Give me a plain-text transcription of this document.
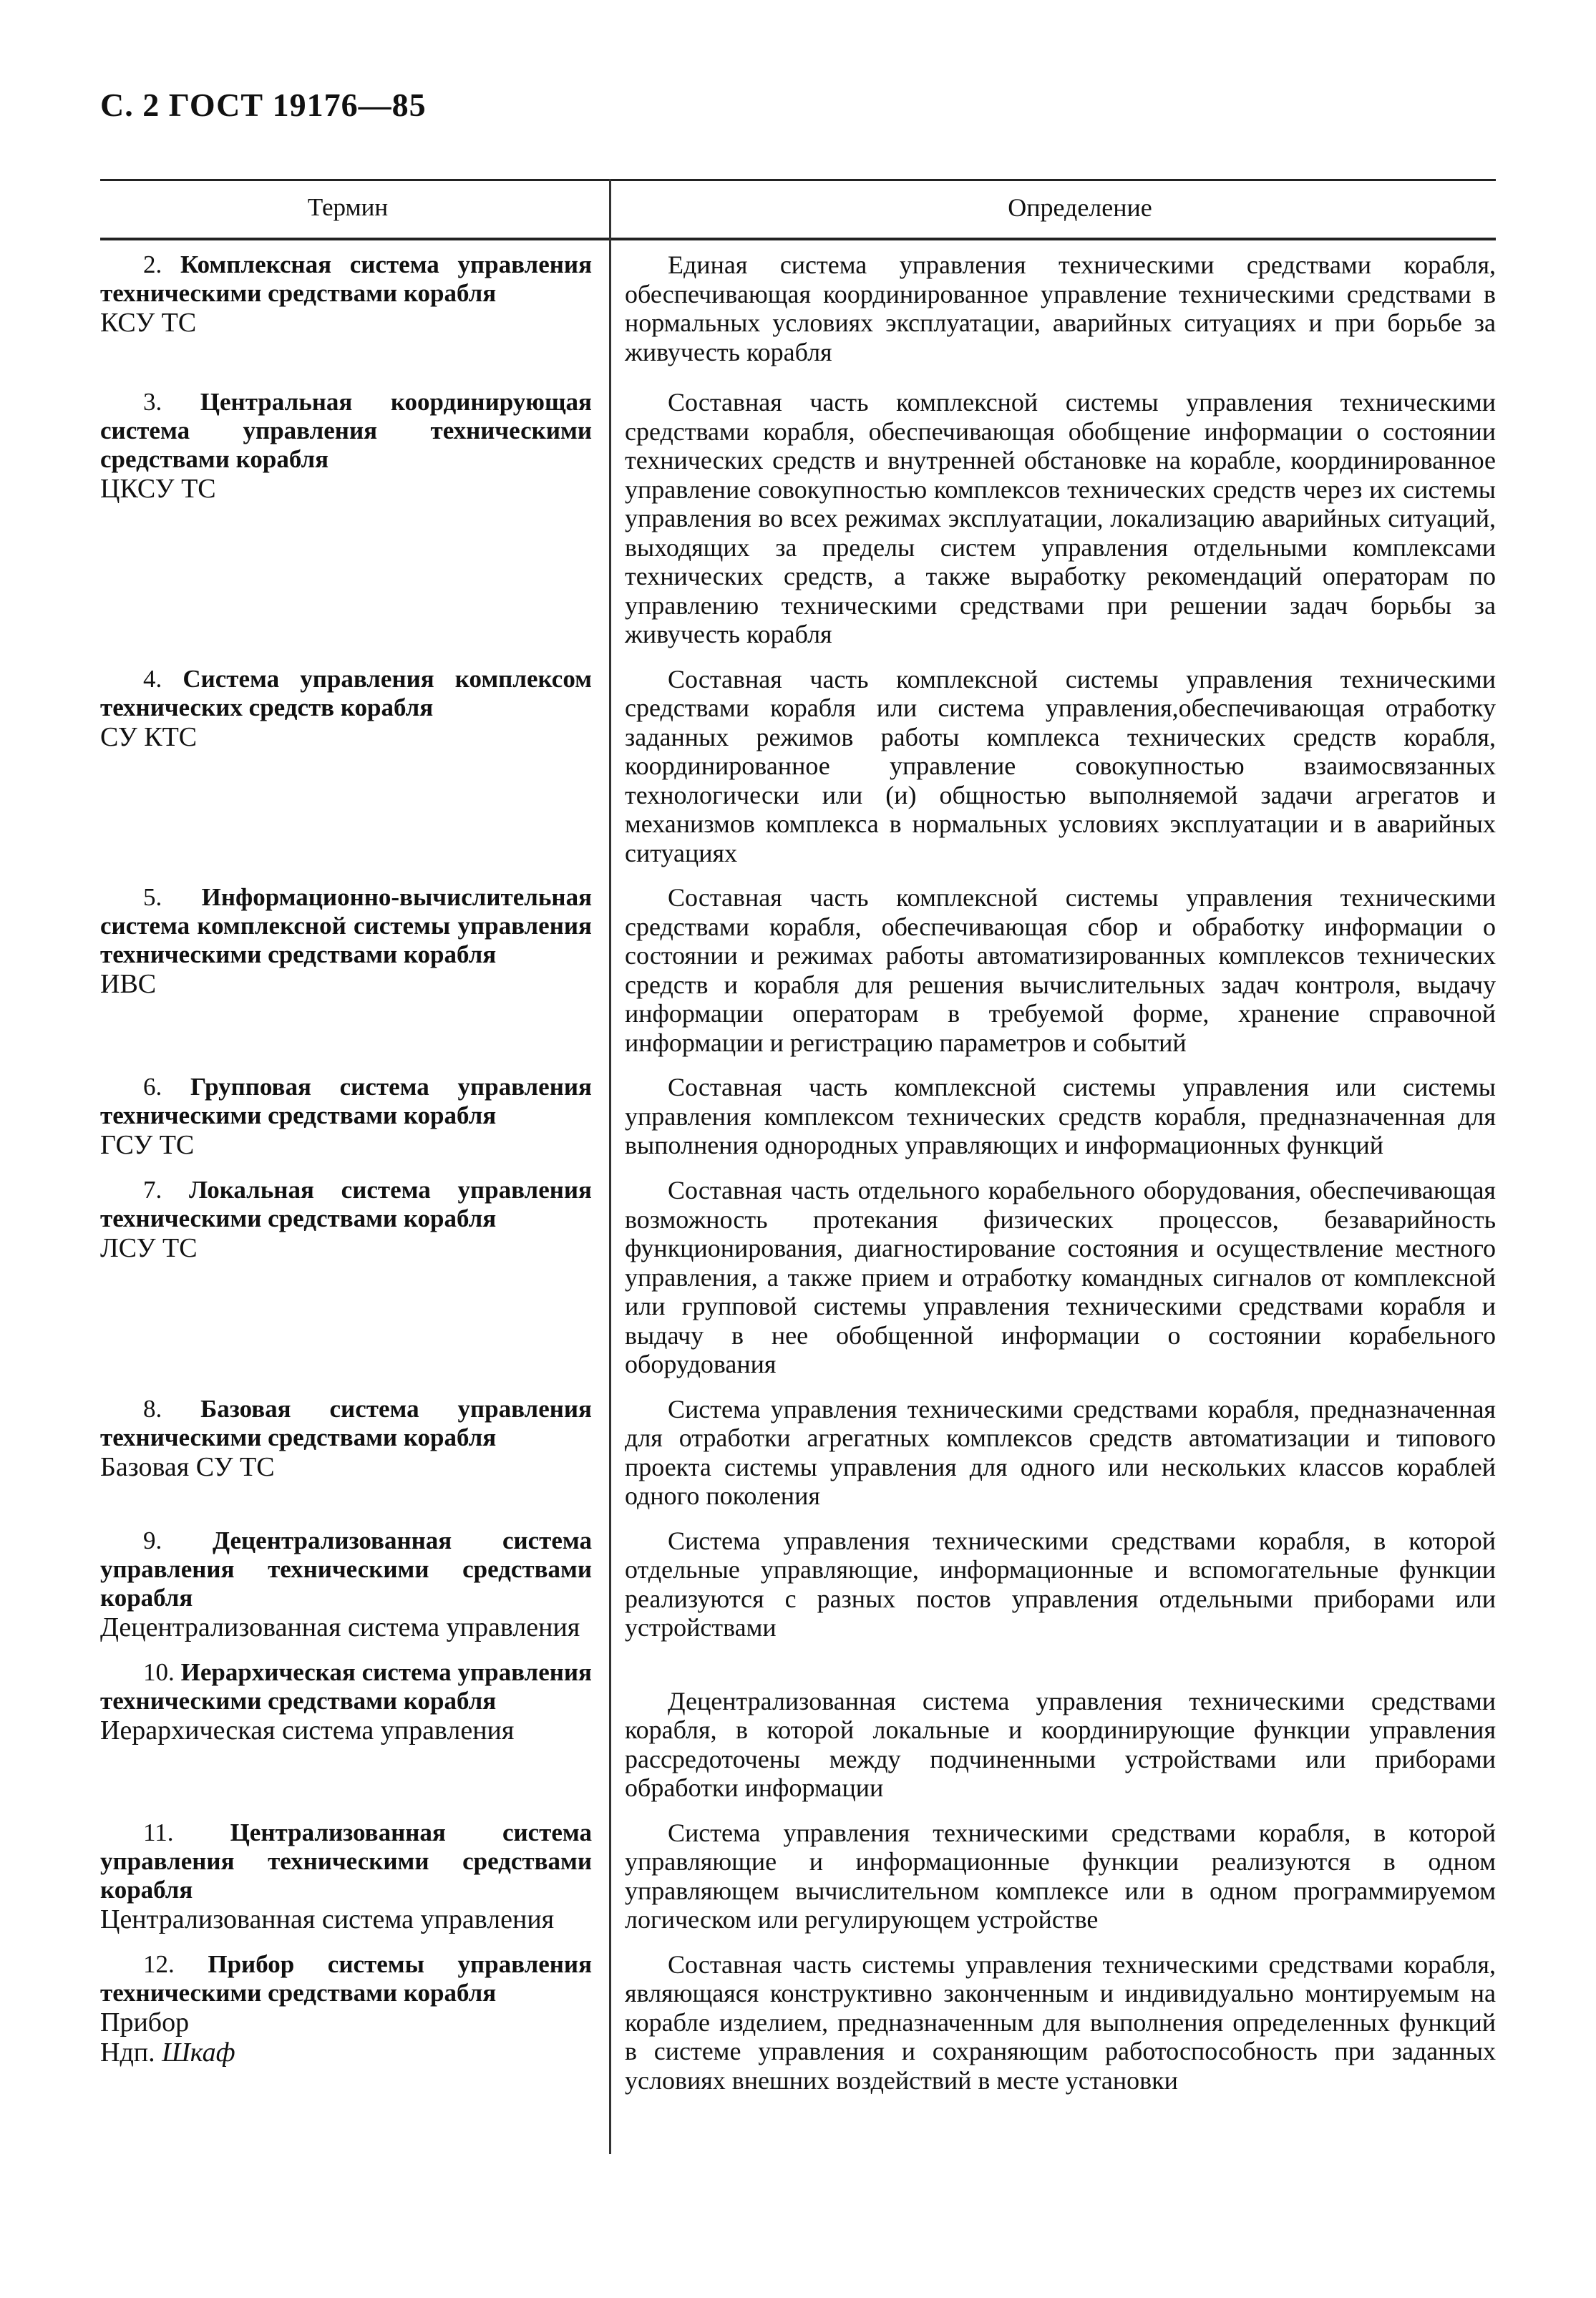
С. 2 ГОСТ 19176—85
Термин	Определение
2. Комплексная система управления техническими средствами корабля
КСУ ТС
Единая система управления техническими средствами корабля, обеспечивающая координированное управление техническими средствами в нормальных условиях эксплуатации, аварийных ситуациях и при борьбе за живучесть корабля
3. Центральная координирующая система управления техническими средствами корабля
ЦКСУ ТС
Составная часть комплексной системы управления техническими средствами корабля, обеспечивающая обобщение информации о состоянии технических средств и внутренней обстановке на корабле, координированное управление совокупностью комплексов технических средств через их системы управления во всех режимах эксплуатации, локализацию аварийных ситуаций, выходящих за пределы систем управления отдельными комплексами технических средств, а также выработку рекомендаций операторам по управлению техническими средствами при решении задач борьбы за живучесть корабля
4. Система управления комплексом технических средств корабля
СУ КТС
Составная часть комплексной системы управления техническими средствами корабля или система управления,обеспечивающая отработку заданных режимов работы комплекса технических средств корабля, координированное управление совокупностью взаимосвязанных технологически или (и) общностью выполняемой задачи агрегатов и механизмов комплекса в нормальных условиях эксплуатации и в аварийных ситуациях
5. Информационно-вычислительная система комплексной системы управления техническими средствами корабля
ИВС
Составная часть комплексной системы управления техническими средствами корабля, обеспечивающая сбор и обработку информации о состоянии и режимах работы автоматизированных комплексов технических средств и корабля для решения вычислительных задач контроля, выдачу информации операторам в требуемой форме, хранение справочной информации и регистрацию параметров и событий
6. Групповая система управления техническими средствами корабля
ГСУ ТС
Составная часть комплексной системы управления или системы управления комплексом технических средств корабля, предназначенная для выполнения однородных управляющих и информационных функций
7. Локальная система управления техническими средствами корабля
ЛСУ ТС
Составная часть отдельного корабельного оборудования, обеспечивающая возможность протекания физических процессов, безаварийность функционирования, диагностирование состояния и осуществление местного управления, а также прием и отработку командных сигналов от комплексной или групповой системы управления техническими средствами корабля и выдачу в нее обобщенной информации о состоянии корабельного оборудования
8. Базовая система управления техническими средствами корабля
Базовая СУ ТС
Система управления техническими средствами корабля, предназначенная для отработки агрегатных комплексов средств автоматизации и типового проекта системы управления для одного или нескольких классов кораблей одного поколения
9. Децентрализованная система управления техническими средствами корабля
Децентрализованная система управления
Система управления техническими средствами корабля, в которой отдельные управляющие, информационные и вспомогательные функции реализуются с разных постов управления отдельными приборами или устройствами
10. Иерархическая система управления техническими средствами корабля
Иерархическая система управления
Децентрализованная система управления техническими средствами корабля, в которой локальные и координирующие функции управления рассредоточены между подчиненными устройствами или приборами обработки информации
11. Централизованная система управления техническими средствами корабля
Централизованная система управления
Система управления техническими средствами корабля, в которой управляющие и информационные функции реализуются в одном управляющем вычислительном комплексе или в одном программируемом логическом или регулирующем устройстве
12. Прибор системы управления техническими средствами корабля
Прибор
Ндп. Шкаф
Составная часть системы управления техническими средствами корабля, являющаяся конструктивно законченным и индивидуально монтируемым на корабле изделием, предназначенным для выполнения определенных функций в системе управления и сохраняющим работоспособность при заданных условиях внешних воздействий в месте установки
